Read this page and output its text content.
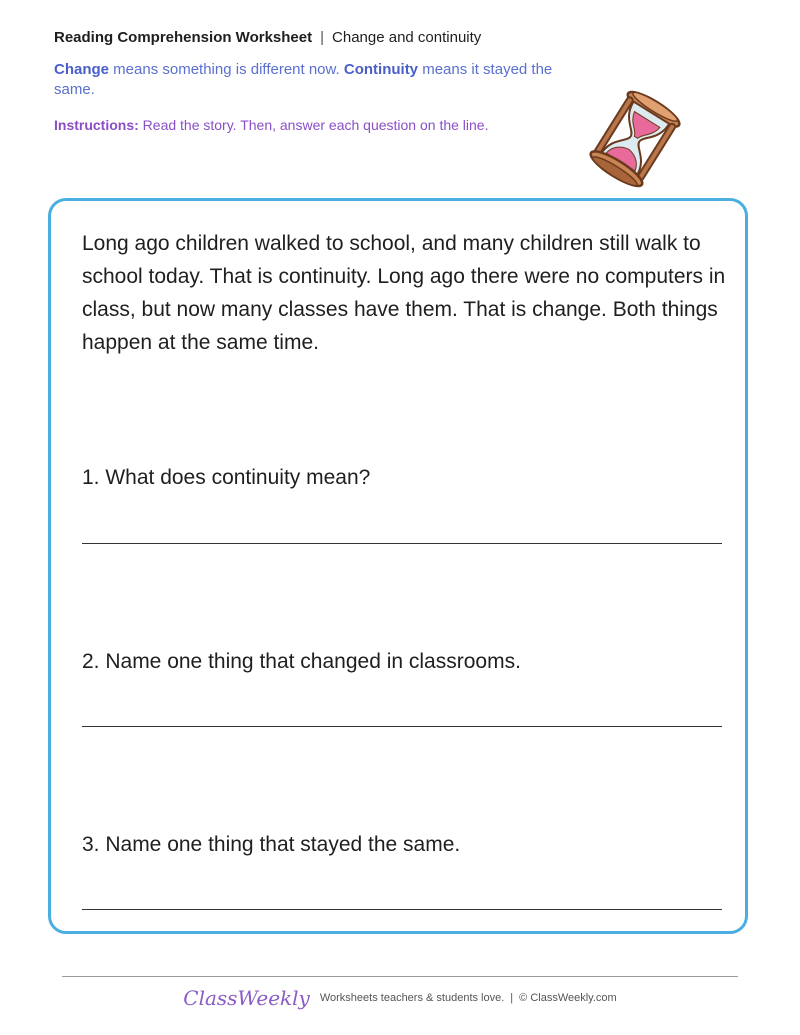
Reading Comprehension Worksheet | Change and continuity
Change means something is different now. Continuity means it stayed the same.
Instructions: Read the story. Then, answer each question on the line.
Long ago children walked to school, and many children still walk to school today. That is continuity. Long ago there were no computers in class, but now many classes have them. That is change. Both things happen at the same time.
1. What does continuity mean?
2. Name one thing that changed in classrooms.
3. Name one thing that stayed the same.
ClassWeekly Worksheets teachers & students love. | © ClassWeekly.com
